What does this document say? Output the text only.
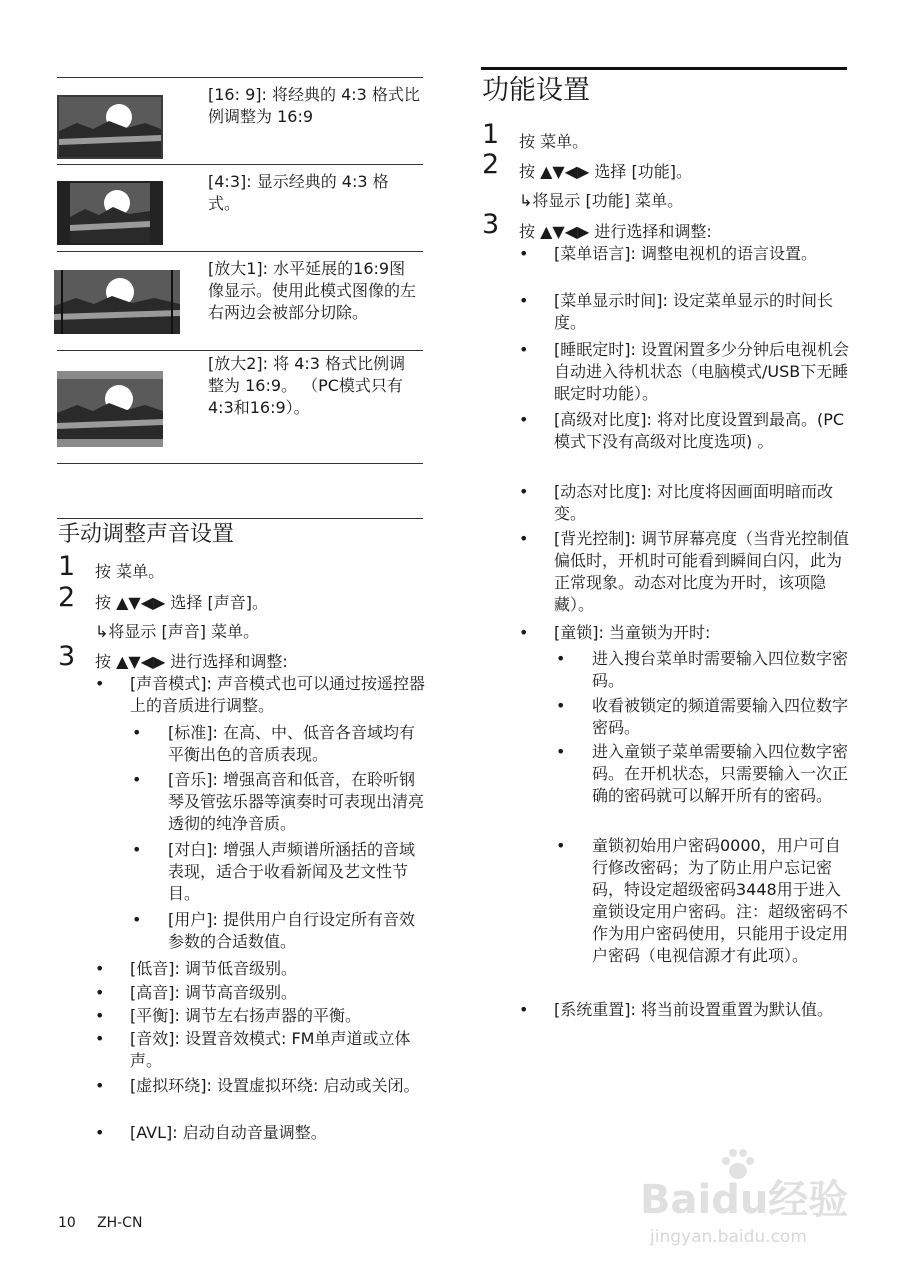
[16: 9]: 将经典的 4:3 格式比例调整为 16:9
[4:3]: 显示经典的 4:3 格式。
[放大1]: 水平延展的16:9图像显示。使用此模式图像的左右两边会被部分切除。
[放大2]: 将 4:3 格式比例调整为 16:9。 （PC模式只有4:3和16:9）。
手动调整声音设置
1	按 菜单。
2	按 ▲▼◀▶ 选择 [声音]。
↳将显示 [声音] 菜单。
3	按 ▲▼◀▶ 进行选择和调整:
• [声音模式]: 声音模式也可以通过按遥控器上的音质进行调整。
• [标准]: 在高、中、低音各音域均有平衡出色的音质表现。
• [音乐]: 增强高音和低音，在聆听钢琴及管弦乐器等演奏时可表现出清亮透彻的纯净音质。
• [对白]: 增强人声频谱所涵括的音域表现，适合于收看新闻及艺文性节目。
• [用户]: 提供用户自行设定所有音效参数的合适数值。
• [低音]: 调节低音级别。
• [高音]: 调节高音级别。
• [平衡]: 调节左右扬声器的平衡。
• [音效]: 设置音效模式: FM单声道或立体声。
• [虚拟环绕]: 设置虚拟环绕: 启动或关闭。
• [AVL]: 启动自动音量调整。
功能设置
1	按 菜单。
2	按 ▲▼◀▶ 选择 [功能]。
↳将显示 [功能] 菜单。
3	按 ▲▼◀▶ 进行选择和调整:
• [菜单语言]: 调整电视机的语言设置。
• [菜单显示时间]: 设定菜单显示的时间长度。
• [睡眠定时]: 设置闲置多少分钟后电视机会自动进入待机状态（电脑模式/USB下无睡眠定时功能）。
• [高级对比度]: 将对比度设置到最高。(PC模式下没有高级对比度选项) 。
• [动态对比度]: 对比度将因画面明暗而改变。
• [背光控制]: 调节屏幕亮度（当背光控制值偏低时，开机时可能看到瞬间白闪，此为正常现象。动态对比度为开时，该项隐藏）。
• [童锁]: 当童锁为开时:
• 进入搜台菜单时需要输入四位数字密码。
• 收看被锁定的频道需要输入四位数字密码。
• 进入童锁子菜单需要输入四位数字密码。在开机状态，只需要输入一次正确的密码就可以解开所有的密码。
• 童锁初始用户密码0000，用户可自行修改密码；为了防止用户忘记密码，特设定超级密码3448用于进入童锁设定用户密码。注：超级密码不作为用户密码使用，只能用于设定用户密码（电视信源才有此项）。
• [系统重置]: 将当前设置重置为默认值。
10 ZH-CN	Baidu经验
jingyan.baidu.com
